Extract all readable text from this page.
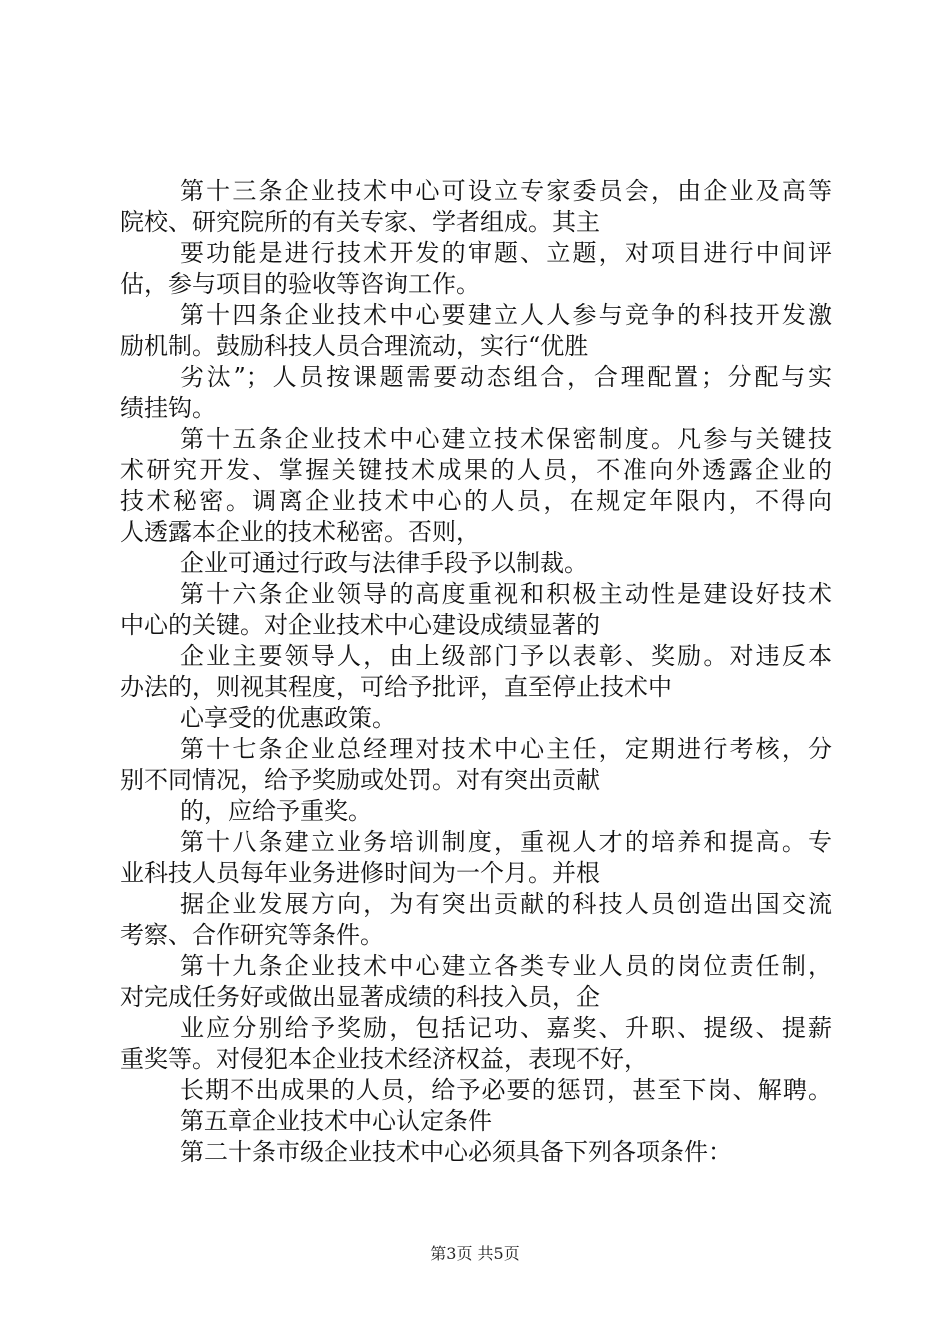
第十三条企业技术中心可设立专家委员会，由企业及高等
院校、研究院所的有关专家、学者组成。其主
要功能是进行技术开发的审题、立题，对项目进行中间评
估，参与项目的验收等咨询工作。
第十四条企业技术中心要建立人人参与竞争的科技开发激
励机制。鼓励科技人员合理流动，实行“优胜
劣汰”；人员按课题需要动态组合，合理配置；分配与实
绩挂钩。
第十五条企业技术中心建立技术保密制度。凡参与关键技
术研究开发、掌握关键技术成果的人员，不准向外透露企业的
技术秘密。调离企业技术中心的人员，在规定年限内，不得向
人透露本企业的技术秘密。否则，
企业可通过行政与法律手段予以制裁。
第十六条企业领导的高度重视和积极主动性是建设好技术
中心的关键。对企业技术中心建设成绩显著的
企业主要领导人，由上级部门予以表彰、奖励。对违反本
办法的，则视其程度，可给予批评，直至停止技术中
心享受的优惠政策。
第十七条企业总经理对技术中心主任，定期进行考核，分
别不同情况，给予奖励或处罚。对有突出贡献
的，应给予重奖。
第十八条建立业务培训制度，重视人才的培养和提高。专
业科技人员每年业务进修时间为一个月。并根
据企业发展方向，为有突出贡献的科技人员创造出国交流
考察、合作研究等条件。
第十九条企业技术中心建立各类专业人员的岗位责任制，
对完成任务好或做出显著成绩的科技入员，企
业应分别给予奖励，包括记功、嘉奖、升职、提级、提薪
重奖等。对侵犯本企业技术经济权益，表现不好，
长期不出成果的人员，给予必要的惩罚，甚至下岗、解聘。
第五章企业技术中心认定条件
第二十条市级企业技术中心必须具备下列各项条件：
第3页 共5页
